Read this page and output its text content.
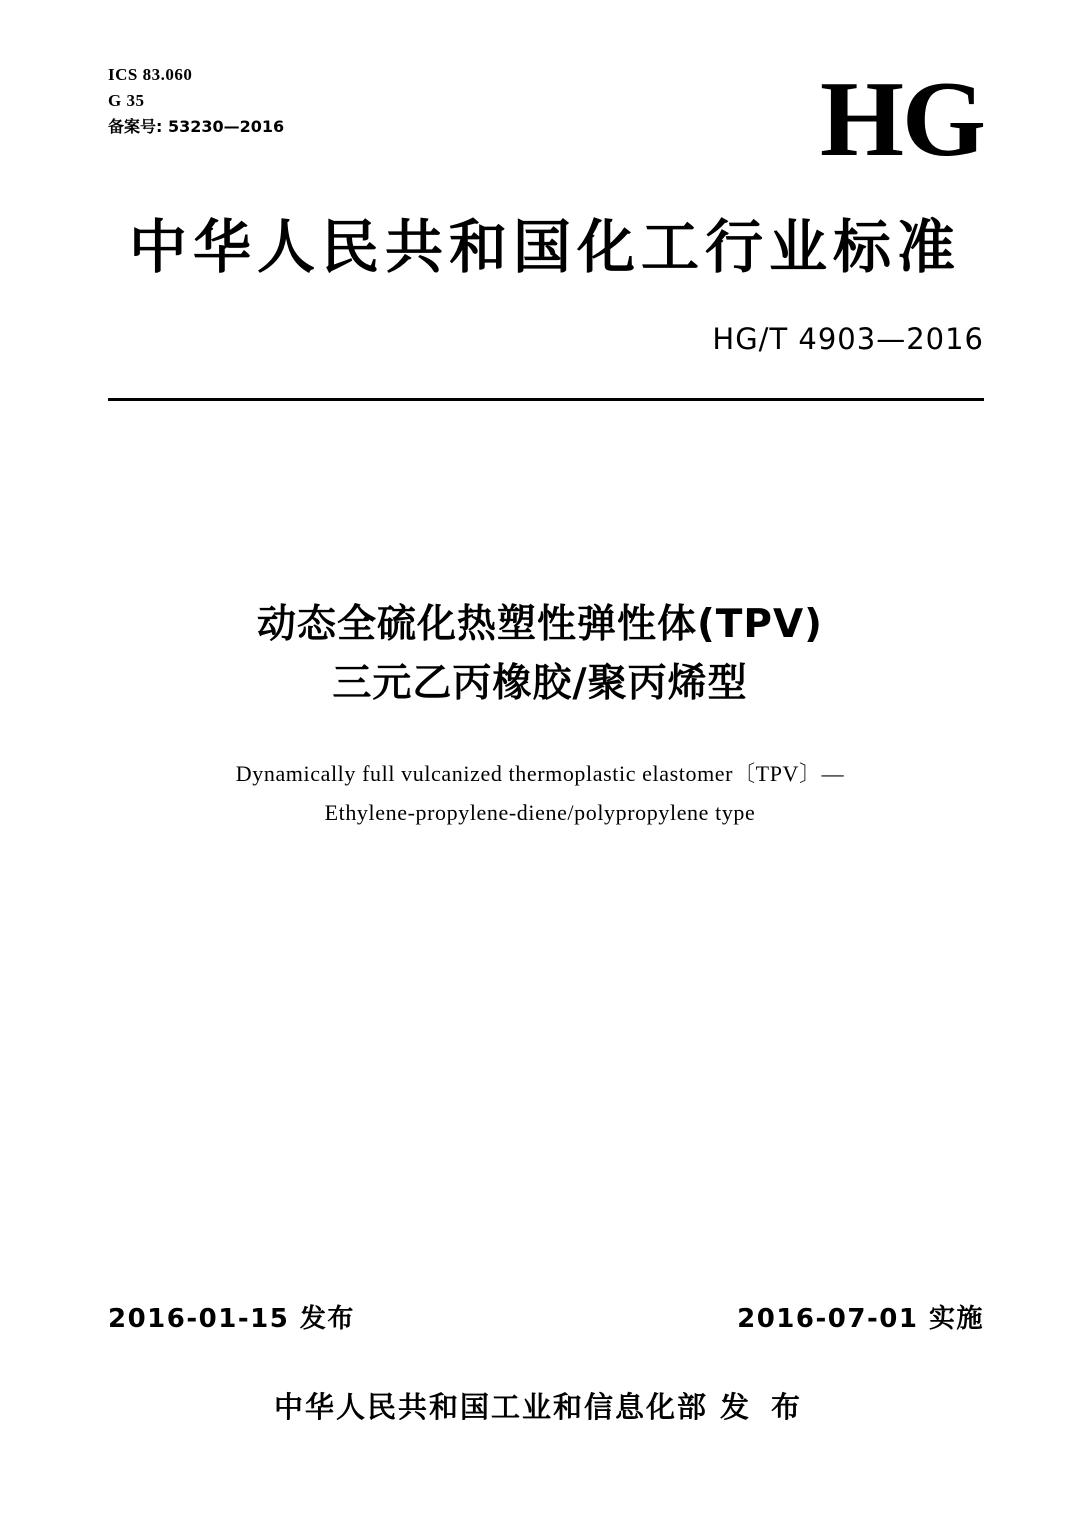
ICS 83.060
G 35
备案号: 53230—2016	HG
中华人民共和国化工行业标准
HG/T 4903—2016
动态全硫化热塑性弹性体(TPV)
三元乙丙橡胶/聚丙烯型
Dynamically full vulcanized thermoplastic elastomer〔TPV〕—
Ethylene-propylene-diene/polypropylene type
2016-01-15 发布	2016-07-01 实施
中华人民共和国工业和信息化部 发 布
